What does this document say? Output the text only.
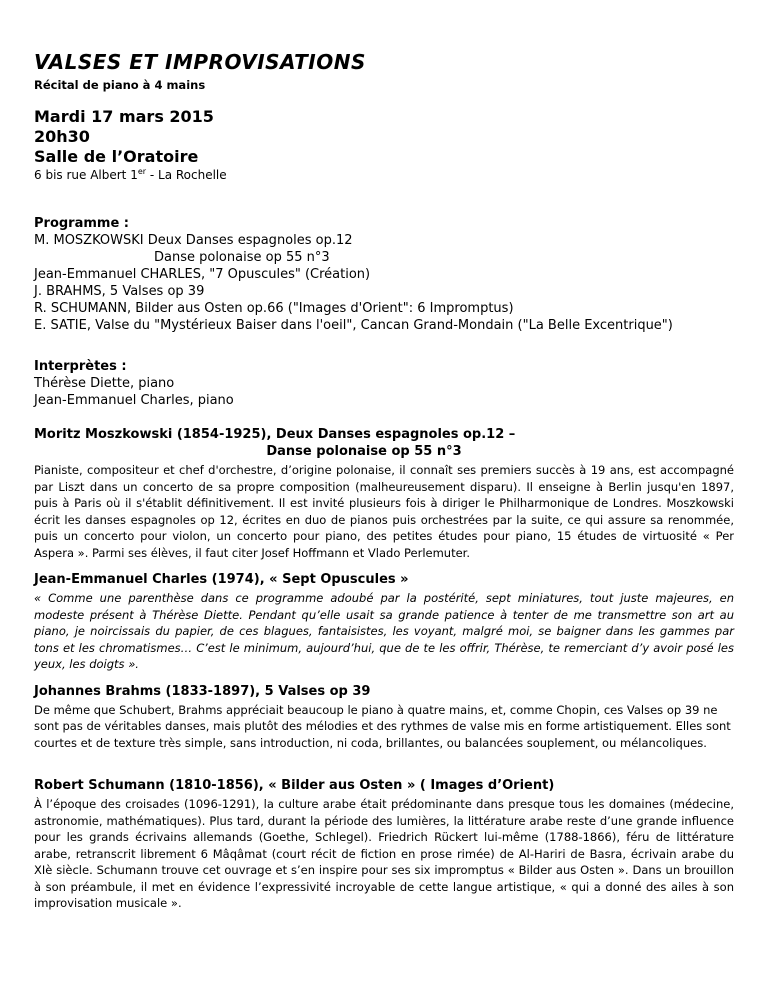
VALSES ET IMPROVISATIONS
Récital de piano à 4 mains
Mardi 17 mars 2015
20h30
Salle de l’Oratoire
6 bis rue Albert 1er - La Rochelle
Programme :
M. MOSZKOWSKI Deux Danses espagnoles op.12
Danse polonaise op 55 n°3
Jean-Emmanuel CHARLES, "7 Opuscules" (Création)
J. BRAHMS, 5 Valses op 39
R. SCHUMANN, Bilder aus Osten op.66 ("Images d'Orient": 6 Impromptus)
E. SATIE, Valse du "Mystérieux Baiser dans l'oeil", Cancan Grand-Mondain ("La Belle Excentrique")
Interprètes :
Thérèse Diette, piano
Jean-Emmanuel Charles, piano
Moritz Moszkowski (1854-1925), Deux Danses espagnoles op.12 –
Danse polonaise op 55 n°3

Pianiste, compositeur et chef d'orchestre, d’origine polonaise, il connaît ses premiers succès à 19 ans, est accompagné par Liszt dans un concerto de sa propre composition (malheureusement disparu). Il enseigne à Berlin jusqu'en 1897, puis à Paris où il s'établit définitivement. Il est invité plusieurs fois à diriger le Philharmonique de Londres. Moszkowski écrit les danses espagnoles op 12, écrites en duo de pianos puis orchestrées par la suite, ce qui assure sa renommée, puis un concerto pour violon, un concerto pour piano, des petites études pour piano, 15 études de virtuosité « Per Aspera ». Parmi ses élèves, il faut citer Josef Hoffmann et Vlado Perlemuter.

Jean-Emmanuel Charles (1974), « Sept Opuscules »

« Comme une parenthèse dans ce programme adoubé par la postérité, sept miniatures, tout juste majeures, en modeste présent à Thérèse Diette. Pendant qu’elle usait sa grande patience à tenter de me transmettre son art au piano, je noircissais du papier, de ces blagues, fantaisistes, les voyant, malgré moi, se baigner dans les gammes par tons et les chromatismes… C’est le minimum, aujourd’hui, que de te les offrir, Thérèse, te remerciant d’y avoir posé les yeux, les doigts ».

Johannes Brahms (1833-1897), 5 Valses op 39

De même que Schubert, Brahms appréciait beaucoup le piano à quatre mains, et, comme Chopin, ces Valses op 39 ne sont pas de véritables danses, mais plutôt des mélodies et des rythmes de valse mis en forme artistiquement. Elles sont courtes et de texture très simple, sans introduction, ni coda, brillantes, ou balancées souplement, ou mélancoliques.

Robert Schumann (1810-1856), « Bilder aus Osten » ( Images d’Orient)

À l’époque des croisades (1096-1291), la culture arabe était prédominante dans presque tous les domaines (médecine, astronomie, mathématiques). Plus tard, durant la période des lumières, la littérature arabe reste d’une grande influence pour les grands écrivains allemands (Goethe, Schlegel). Friedrich Rückert lui-même (1788-1866), féru de littérature arabe, retranscrit librement 6 Mâqâmat (court récit de fiction en prose rimée) de Al-Hariri de Basra, écrivain arabe du XIè siècle. Schumann trouve cet ouvrage et s’en inspire pour ses six impromptus « Bilder aus Osten ». Dans un brouillon à son préambule, il met en évidence l’expressivité incroyable de cette langue artistique, « qui a donné des ailes à son improvisation musicale ».
